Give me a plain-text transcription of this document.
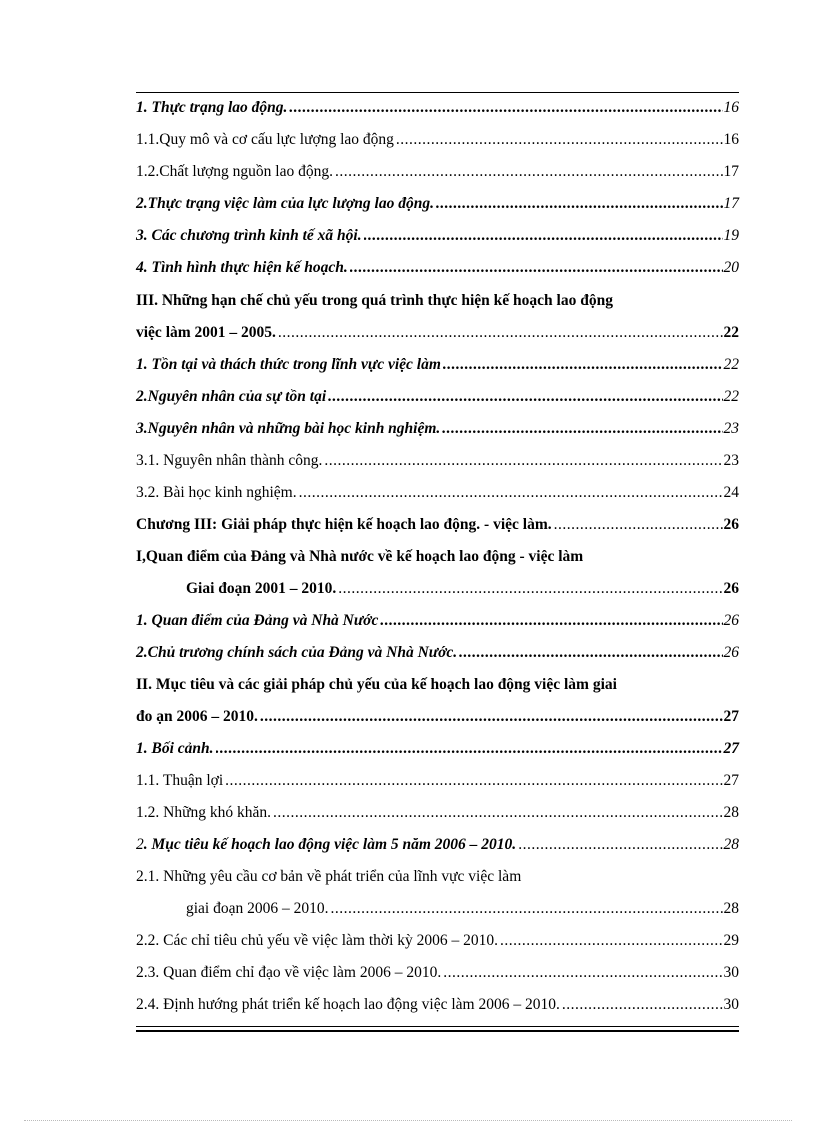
1. Thực trạng lao động. .....	16
1.1.Quy mô và cơ cấu lực lượng lao động .....	16
1.2.Chất lượng nguồn lao động. .....	17
2.Thực trạng việc làm của lực lượng lao động. .....	17
3. Các chương trình kinh tế xã hội. .....	19
4. Tình hình thực hiện kế hoạch. .....	20
III. Những hạn chế chủ yếu trong quá trình thực hiện kế hoạch lao động
việc làm 2001 – 2005. .....	22
1. Tồn tại và thách thức trong lĩnh vực việc làm .....	22
2.Nguyên nhân của sự tồn tại .....	22
3.Nguyên nhân và những bài học kinh nghiệm. .....	23
3.1. Nguyên nhân thành công. .....	23
3.2. Bài học kinh nghiệm. .....	24
Chương III: Giải pháp thực hiện kế hoạch lao động. - việc làm. .....	26
I,Quan điểm của Đảng và Nhà nước về kế hoạch lao động - việc làm
Giai đoạn 2001 – 2010. .....	26
1. Quan điểm của Đảng và Nhà Nước .....	26
2.Chủ trương chính sách của Đảng và Nhà Nước. .....	26
II. Mục tiêu và các giải pháp chủ yếu của kế hoạch lao động việc làm giai
đo ạn 2006 – 2010. .....	27
1. Bối cảnh. .....	27
1.1. Thuận lợi .....	27
1.2. Những khó khăn. .....	28
2. Mục tiêu kế hoạch lao động việc làm 5 năm 2006 – 2010. .....	28
2.1. Những yêu cầu cơ bản về phát triển của lĩnh vực việc làm
giai đoạn 2006 – 2010. .....	28
2.2. Các chỉ tiêu chủ yếu về việc làm thời kỳ 2006 – 2010. .....	29
2.3. Quan điểm chỉ đạo về việc làm 2006 – 2010. .....	30
2.4. Định hướng phát triển kế hoạch lao động việc làm 2006 – 2010. .....	30
